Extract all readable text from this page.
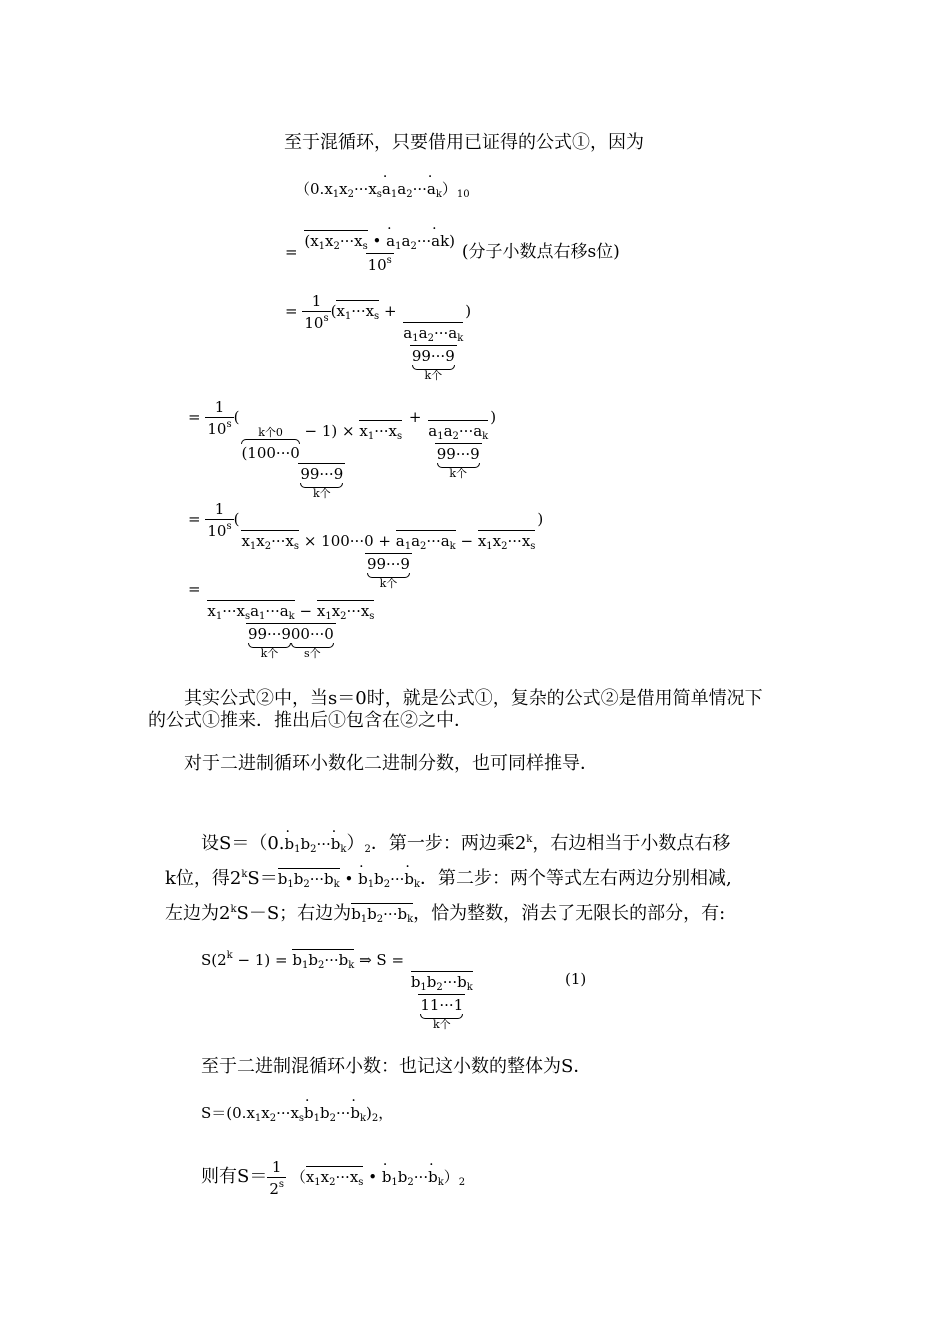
至于混循环，只要借用已证得的公式①，因为
$(0.x_1x_2\cdot\cdot\cdot x_s\cdot a_1a_2\cdot\cdot\cdot\cdot a_k)_{10}$
= $\frac{(x_1x_2\cdot\cdot\cdot x_s • \cdot a_1a_2\cdot\cdot\cdot\cdot ak)}{10^s}$ (分子小数点右移s位)
= $\frac{1}{10^s} (x_1\cdot\cdot\cdot x_s$ +
$a_1a_2\cdot\cdot\cdot a_k$
99···9
k个
)
= $\frac{1}{10^s}$ (
k个0
(100···0
− $1) \times x_1\cdot\cdot\cdot x_s$
99···9
k个
+
$a_1a_2\cdot\cdot\cdot a_k$
99···9
k个
)
= $\frac{1}{10^s}$ (
$x_1x_2\cdot\cdot\cdot x_s \times 100\cdot\cdot\cdot 0 + a_1a_2\cdot\cdot\cdot a_k - x_1x_2\cdot\cdot\cdot x_s$
99···9
k个
)
=
$x_1\cdot\cdot\cdot x_sa_1\cdot\cdot\cdot a_k - x_1x_2\cdot\cdot\cdot x_s$
99···9
k个
00···0
s个
其实公式②中，当s＝0时，就是公式①，复杂的公式②是借用简单情况下
的公式①推来．推出后①包含在②之中．
对于二进制循环小数化二进制分数，也可同样推导．
设$S=(0.\cdot b_1b_2\cdot\cdot\cdot\cdot b_k)_2$．第一步：两边乘2$^k$，右边相当于小数点右移
k位，得$2^kS=b_1b_2\cdot\cdot\cdot b_k$ • · $b_1b_2\cdot\cdot\cdot\cdot b_k$．第二步：两个等式左右两边分别相减,
左边为$2^kS-S$；右边为$b_1b_2\cdot\cdot\cdot b_k$，恰为整数，消去了无限长的部分，有:
$S(2^k - 1) = b_1b_2\cdot\cdot\cdot b_k$ ⇒ S =
$b_1b_2\cdot\cdot\cdot b_k$
11···1
k个	(1)
至于二进制混循环小数：也记这小数的整体为S．
$S=(0.x_1x_2\cdot\cdot\cdot x_s\cdot b_1b_2\cdot\cdot\cdot\cdot b_k)_2$，
则有$S= \frac{1}{2^s} (x_1x_2\cdot\cdot\cdot x_s$ • · $b_1b_2\cdot\cdot\cdot\cdot b_k)_2$
